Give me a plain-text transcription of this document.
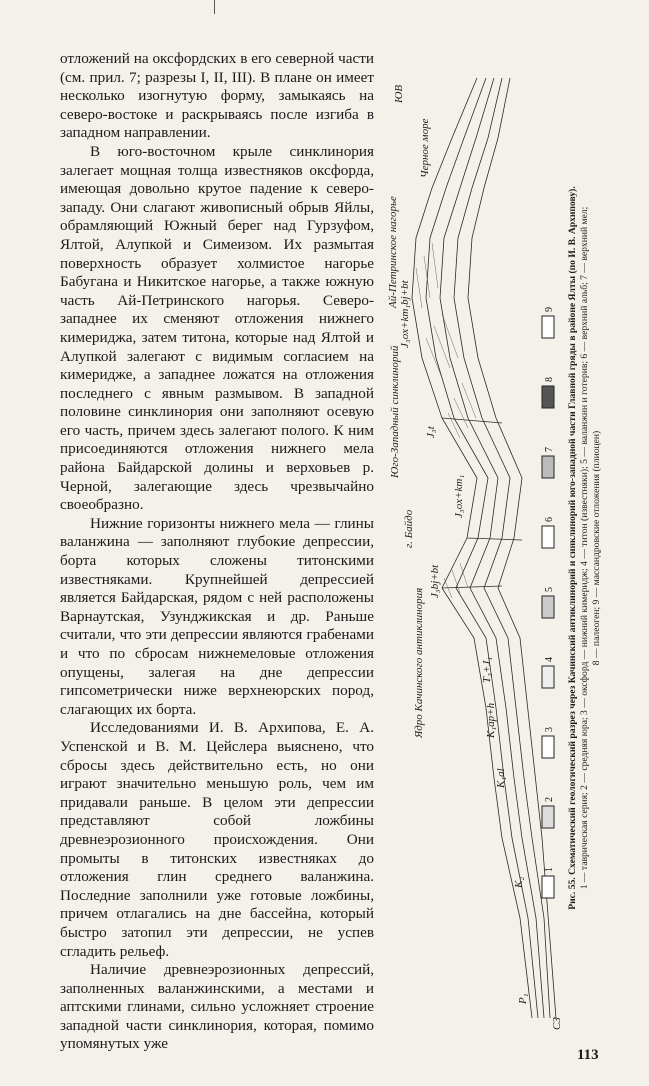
отложений на оксфордских в его северной части (см. прил. 7; разрезы I, II, III). В плане он имеет несколько изогнутую форму, замыкаясь на северо-востоке и раскрываясь после изгиба в западном направлении.

В юго-восточном крыле синклинория залегает мощная толща известняков оксфорда, имеющая довольно крутое падение к северо-западу. Они слагают живописный обрыв Яйлы, обрамляющий Южный берег над Гурзуфом, Ялтой, Алупкой и Симеизом. Их размытая поверхность образует холмистое нагорье Бабугана и Никитское нагорье, а также южную часть Ай-Петринского нагорья. Северо-западнее их сменяют отложения нижнего кимериджа, затем титона, которые над Ялтой и Алупкой залегают с видимым согласием на кимеридже, а западнее ложатся на отложения последнего с явным размывом. В западной половине синклинория они заполняют осевую его часть, причем здесь залегают полого. К ним присоединяются отложения нижнего мела района Байдарской долины и верховьев р. Черной, залегающие здесь чрезвычайно своеобразно.

Нижние горизонты нижнего мела — глины валанжина — заполняют глубокие депрессии, борта которых сложены титонскими известняками. Крупнейшей депрессией является Байдарская, рядом с ней расположены Варнаутская, Узунджикская и др. Раньше считали, что эти депрессии являются грабенами и что по сбросам нижнемеловые отложения опущены, залегая на дне депрессии гипсометрически ниже верхнеюрских пород, слагающих их борта.

Исследованиями И. В. Архипова, Е. А. Успенской и В. М. Цейслера выяснено, что сбросы здесь действительно есть, но они играют значительно меньшую роль, чем им придавали раньше. В целом эти депрессии представляют собой ложбины древнеэрозионного происхождения. Они промыты в титонских известняках до отложения глин среднего валанжина. Последние заполнили уже готовые ложбины, причем отлагались на дне бассейна, который быстро затопил эти депрессии, не успев сгладить рельеф.

Наличие древнеэрозионных депрессий, заполненных валанжинскими, а местами и аптскими глинами, сильно усложняет строение западной части синклинория, которая, помимо упомянутых уже

СЗ
ЮВ
P₁
K₂
K₁al
K₁ap+h
T₃+J₁
J₃bj+bt
J₃ox+km₁
J₃t
J₃ox+km₁bj+bt
Черное море
Ядро Качинского антиклинория
г. Байдо
Юго-Западный синклинорий
Ай-Петринское нагорье
1
2
3
4
5
6
7
8
9 Рис. 55. Схематический геологический разрез через Качинский антиклинорий и синклинорий юго-западной части Главной гряды в районе Ялты (по И. В. Архипову). 1 — таврическая серия; 2 — средняя юра; 3 — оксфорд — нижний кимеридж; 4 — титон (известняки); 5 — валанжин и готерив; 6 — верхний альб; 7 — верхний мел; 8 — палеоген; 9 — массандровские отложения (плиоцен)
113
